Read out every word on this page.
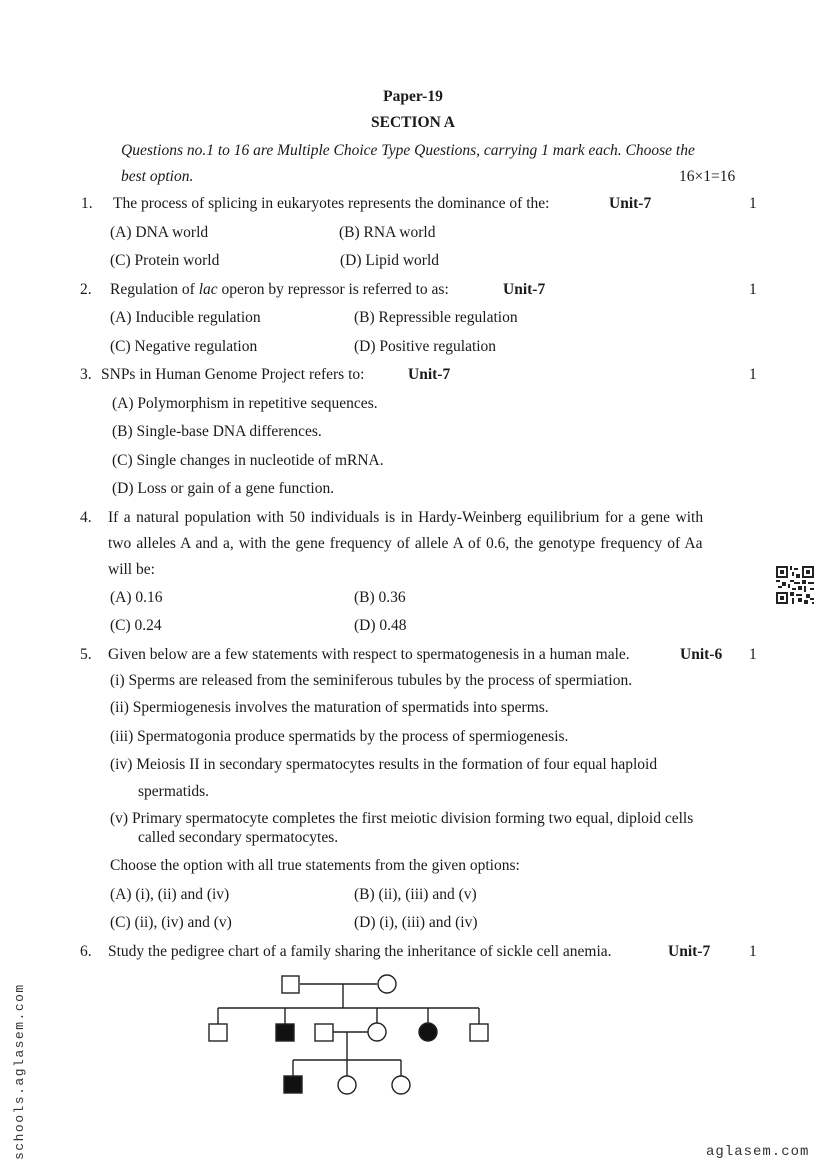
Paper-19
SECTION A
Questions no.1 to 16 are Multiple Choice Type Questions, carrying 1 mark each. Choose the
best option.	16×1=16
1. The process of splicing in eukaryotes represents the dominance of the:	Unit-7	1
(A) DNA world	(B) RNA world
(C) Protein world	(D) Lipid world
2. Regulation of lac operon by repressor is referred to as:	Unit-7	1
(A) Inducible regulation	(B) Repressible regulation
(C) Negative regulation	(D) Positive regulation
3. SNPs in Human Genome Project refers to:	Unit-7	1
(A) Polymorphism in repetitive sequences.
(B) Single-base DNA differences.
(C) Single changes in nucleotide of mRNA.
(D) Loss or gain of a gene function.
4. If a natural population with 50 individuals is in Hardy-Weinberg equilibrium for a gene with
two alleles A and a, with the gene frequency of allele A of 0.6, the genotype frequency of Aa
will be:
(A) 0.16	(B) 0.36
(C) 0.24	(D) 0.48
5. Given below are a few statements with respect to spermatogenesis in a human male.	Unit-6 1
(i) Sperms are released from the seminiferous tubules by the process of spermiation.
(ii) Spermiogenesis involves the maturation of spermatids into sperms.
(iii) Spermatogonia produce spermatids by the process of spermiogenesis.
(iv) Meiosis II in secondary spermatocytes results in the formation of four equal haploid
spermatids.
(v) Primary spermatocyte completes the first meiotic division forming two equal, diploid cells
called secondary spermatocytes.
Choose the option with all true statements from the given options:
(A) (i), (ii) and (iv)	(B) (ii), (iii) and (v)
(C) (ii), (iv) and (v)	(D) (i), (iii) and (iv)
6. Study the pedigree chart of a family sharing the inheritance of sickle cell anemia.	Unit-7	1
schools.aglasem.com	aglasem.com
